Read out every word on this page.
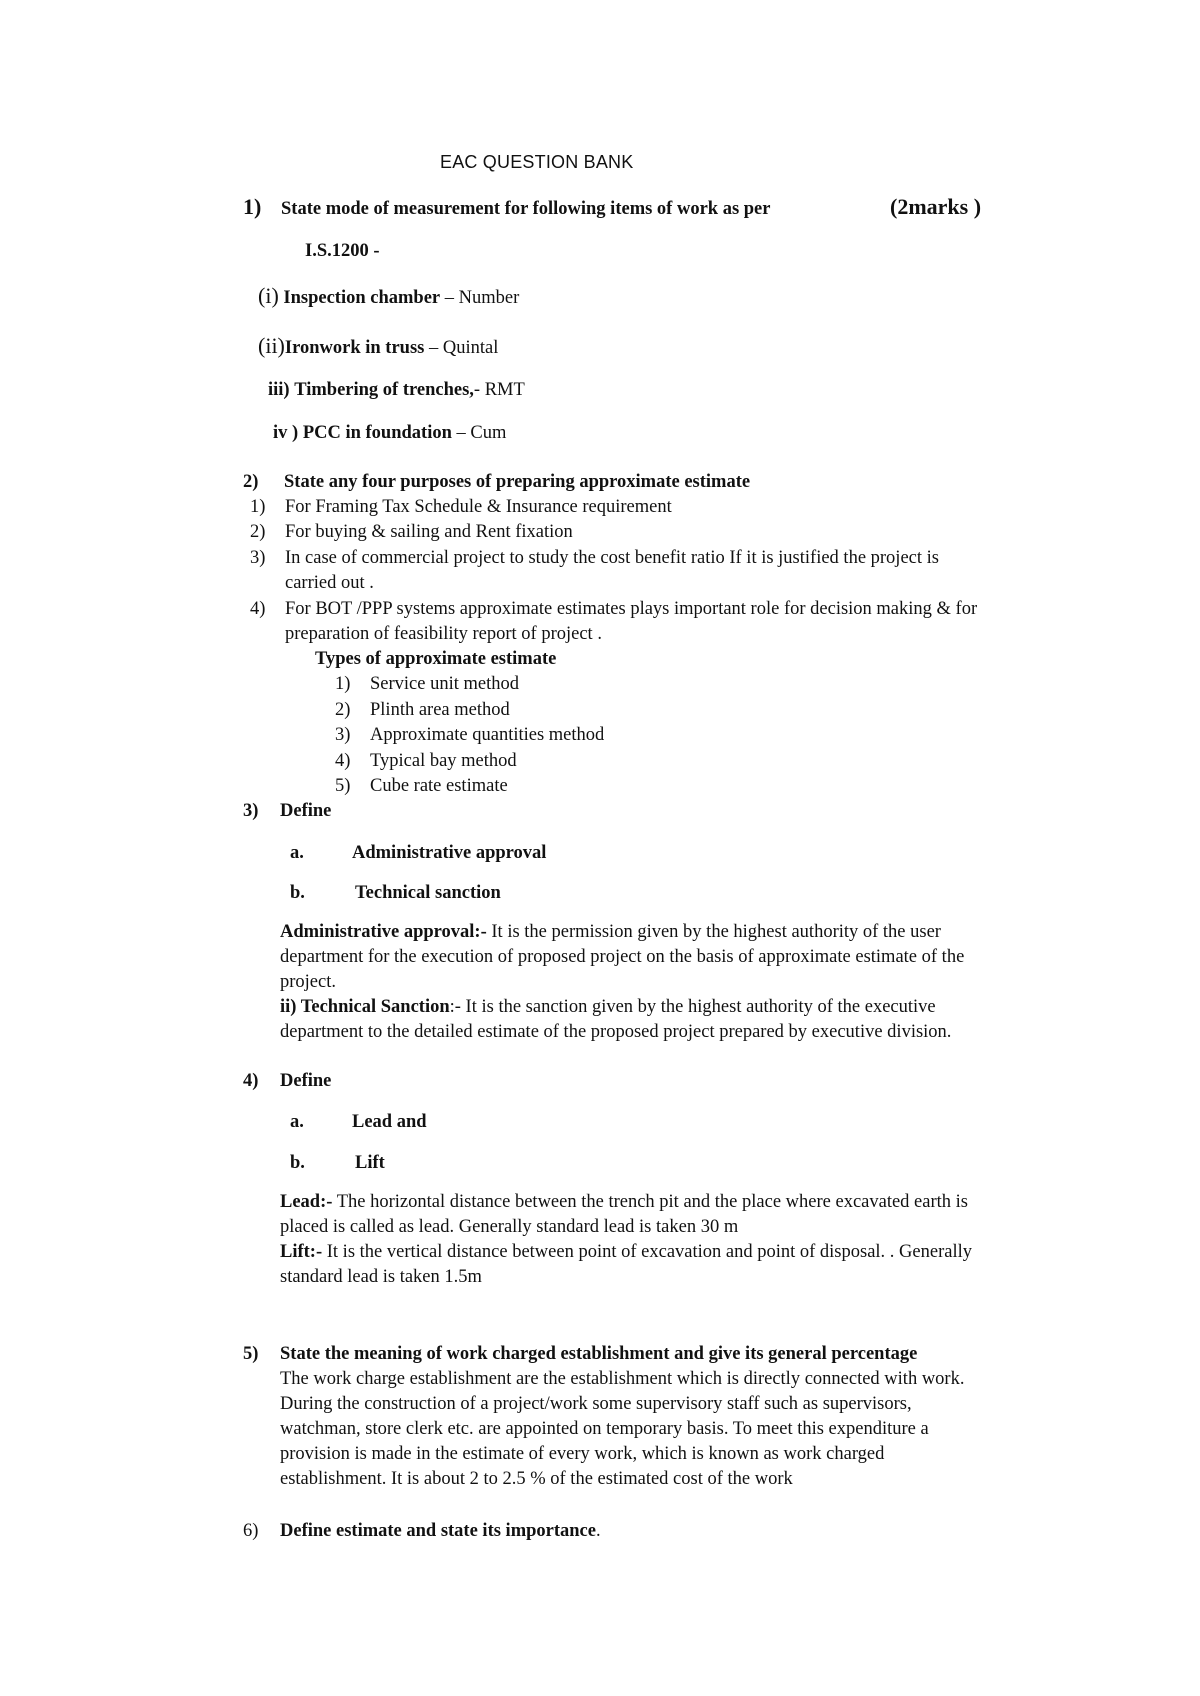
EAC QUESTION BANK
1) State mode of measurement for following items of work as per	(2marks )
I.S.1200 -
(i) Inspection chamber – Number
(ii)Ironwork in truss – Quintal
iii) Timbering of trenches,- RMT
iv ) PCC in foundation – Cum
2) State any four purposes of preparing approximate estimate
1) For Framing Tax Schedule & Insurance requirement
2) For buying & sailing and Rent fixation
3) In case of commercial project to study the cost benefit ratio If it is justified the project is
carried out .
4) For BOT /PPP systems approximate estimates plays important role for decision making & for
preparation of feasibility report of project .
Types of approximate estimate
1) Service unit method
2) Plinth area method
3) Approximate quantities method
4) Typical bay method
5) Cube rate estimate
3) Define
a.	Administrative approval
b.	Technical sanction
Administrative approval:- It is the permission given by the highest authority of the user
department for the execution of proposed project on the basis of approximate estimate of the
project.
ii) Technical Sanction:- It is the sanction given by the highest authority of the executive
department to the detailed estimate of the proposed project prepared by executive division.
4) Define
a.	Lead and
b.	Lift
Lead:- The horizontal distance between the trench pit and the place where excavated earth is
placed is called as lead. Generally standard lead is taken 30 m
Lift:- It is the vertical distance between point of excavation and point of disposal. . Generally
standard lead is taken 1.5m
5) State the meaning of work charged establishment and give its general percentage
The work charge establishment are the establishment which is directly connected with work.
During the construction of a project/work some supervisory staff such as supervisors,
watchman, store clerk etc. are appointed on temporary basis. To meet this expenditure a
provision is made in the estimate of every work, which is known as work charged
establishment. It is about 2 to 2.5 % of the estimated cost of the work
6) Define estimate and state its importance.
